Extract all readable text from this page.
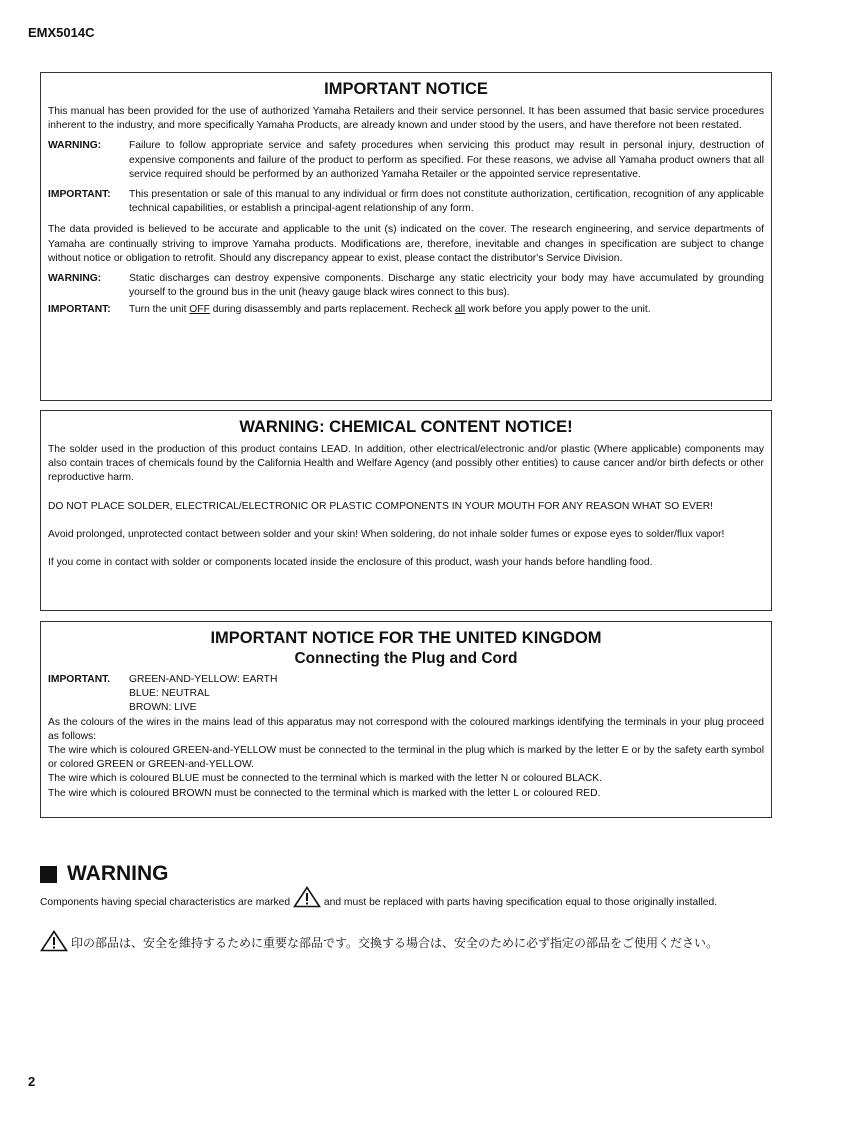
EMX5014C
IMPORTANT NOTICE

This manual has been provided for the use of authorized Yamaha Retailers and their service personnel. It has been assumed that basic service procedures inherent to the industry, and more specifically Yamaha Products, are already known and under stood by the users, and have therefore not been restated.

WARNING:	Failure to follow appropriate service and safety procedures when servicing this product may result in personal injury, destruction of expensive components and failure of the product to perform as specified. For these reasons, we advise all Yamaha product owners that all service required should be performed by an authorized Yamaha Retailer or the appointed service representative.
IMPORTANT:	This presentation or sale of this manual to any individual or firm does not constitute authorization, certification, recognition of any applicable technical capabilities, or establish a principal-agent relationship of any form.

The data provided is believed to be accurate and applicable to the unit (s) indicated on the cover. The research engineering, and service departments of Yamaha are continually striving to improve Yamaha products. Modifications are, therefore, inevitable and changes in specification are subject to change without notice or obligation to retrofit. Should any discrepancy appear to exist, please contact the distributor's Service Division.

WARNING:	Static discharges can destroy expensive components. Discharge any static electricity your body may have accumulated by grounding yourself to the ground bus in the unit (heavy gauge black wires connect to this bus).
IMPORTANT:	Turn the unit OFF during disassembly and parts replacement. Recheck all work before you apply power to the unit.
WARNING: CHEMICAL CONTENT NOTICE!

The solder used in the production of this product contains LEAD. In addition, other electrical/electronic and/or plastic (Where applicable) components may also contain traces of chemicals found by the California Health and Welfare Agency (and possibly other entities) to cause cancer and/or birth defects or other reproductive harm.

DO NOT PLACE SOLDER, ELECTRICAL/ELECTRONIC OR PLASTIC COMPONENTS IN YOUR MOUTH FOR ANY REASON WHAT SO EVER!

Avoid prolonged, unprotected contact between solder and your skin! When soldering, do not inhale solder fumes or expose eyes to solder/flux vapor!

If you come in contact with solder or components located inside the enclosure of this product, wash your hands before handling food.

IMPORTANT NOTICE FOR THE UNITED KINGDOM
Connecting the Plug and Cord
IMPORTANT.	GREEN-AND-YELLOW: EARTH
BLUE: NEUTRAL
BROWN: LIVE

As the colours of the wires in the mains lead of this apparatus may not correspond with the coloured markings identifying the terminals in your plug proceed as follows:

The wire which is coloured GREEN-and-YELLOW must be connected to the terminal in the plug which is marked by the letter E or by the safety earth symbol or colored GREEN or GREEN-and-YELLOW.

The wire which is coloured BLUE must be connected to the terminal which is marked with the letter N or coloured BLACK.

The wire which is coloured BROWN must be connected to the terminal which is marked with the letter L or coloured RED.

WARNING
Components having special characteristics are marked	and must be replaced with parts having specification equal to those originally installed.
印の部品は、安全を維持するために重要な部品です。交換する場合は、安全のために必ず指定の部品をご使用ください。
2
